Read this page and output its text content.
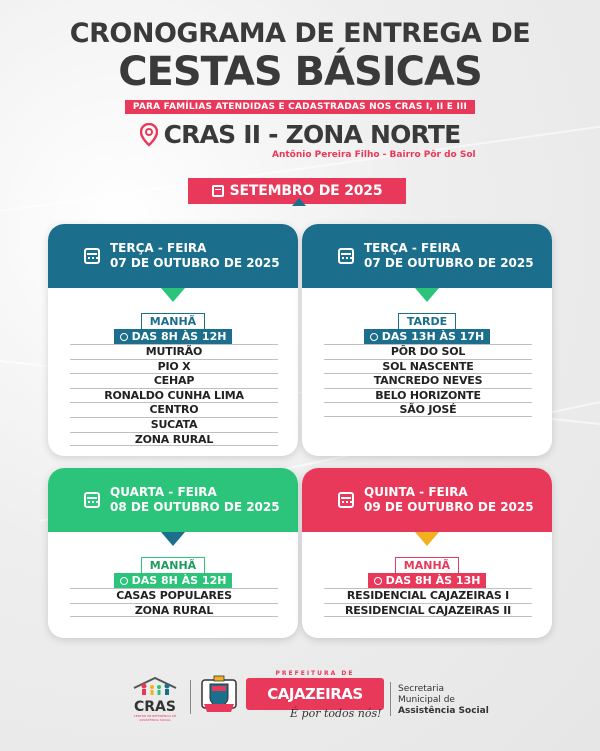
CRONOGRAMA DE ENTREGA DE
CESTAS BÁSICAS
PARA FAMÍLIAS ATENDIDAS E CADASTRADAS NOS CRAS I, II E III
CRAS II - ZONA NORTE
Antônio Pereira Filho - Bairro Pôr do Sol
SETEMBRO DE 2025
TERÇA - FEIRA
07 DE OUTUBRO DE 2025
MANHÃ
DAS 8H ÀS 12H
MUTIRÃO
PIO X
CEHAP
RONALDO CUNHA LIMA
CENTRO
SUCATA
ZONA RURAL
TERÇA - FEIRA
07 DE OUTUBRO DE 2025
TARDE
DAS 13H ÀS 17H
PÔR DO SOL
SOL NASCENTE
TANCREDO NEVES
BELO HORIZONTE
SÃO JOSÉ
QUARTA - FEIRA
08 DE OUTUBRO DE 2025
MANHÃ
DAS 8H ÀS 12H
CASAS POPULARES
ZONA RURAL
QUINTA - FEIRA
09 DE OUTUBRO DE 2025
MANHÃ
DAS 8H ÀS 13H
RESIDENCIAL CAJAZEIRAS I
RESIDENCIAL CAJAZEIRAS II
CRAS
CENTRO DE REFERÊNCIA DE ASSISTÊNCIA SOCIAL
PREFEITURA DE
CAJAZEIRAS
É por todos nós!
Secretaria
Municipal de
Assistência Social
